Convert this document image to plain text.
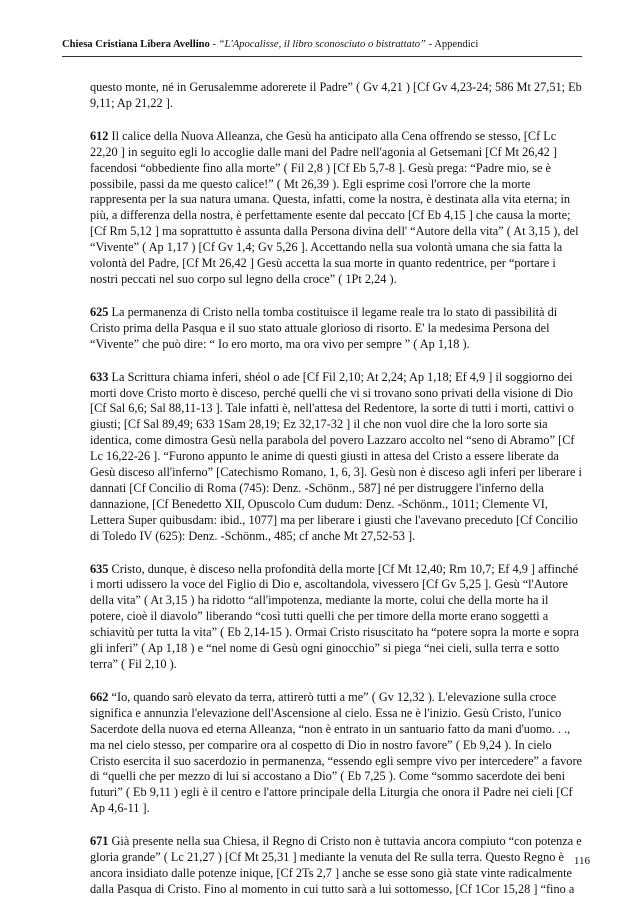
Chiesa Cristiana Libera Avellino - “L'Apocalisse, il libro sconosciuto o bistrattato” - Appendici
questo monte, né in Gerusalemme adorerete il Padre” ( Gv 4,21 ) [Cf Gv 4,23-24; 586 Mt 27,51; Eb
9,11; Ap 21,22 ].
612 Il calice della Nuova Alleanza, che Gesù ha anticipato alla Cena offrendo se stesso, [Cf Lc
22,20 ] in seguito egli lo accoglie dalle mani del Padre nell'agonia al Getsemani [Cf Mt 26,42 ]
facendosi “obbediente fino alla morte” ( Fil 2,8 ) [Cf Eb 5,7-8 ]. Gesù prega: “Padre mio, se è
possibile, passi da me questo calice!” ( Mt 26,39 ). Egli esprime così l'orrore che la morte
rappresenta per la sua natura umana. Questa, infatti, come la nostra, è destinata alla vita eterna; in
più, a differenza della nostra, è perfettamente esente dal peccato [Cf Eb 4,15 ] che causa la morte;
[Cf Rm 5,12 ] ma soprattutto è assunta dalla Persona divina dell' “Autore della vita” ( At 3,15 ), del
“Vivente” ( Ap 1,17 ) [Cf Gv 1,4; Gv 5,26 ]. Accettando nella sua volontà umana che sia fatta la
volontà del Padre, [Cf Mt 26,42 ] Gesù accetta la sua morte in quanto redentrice, per “portare i
nostri peccati nel suo corpo sul legno della croce” ( 1Pt 2,24 ).
625 La permanenza di Cristo nella tomba costituisce il legame reale tra lo stato di passibilità di
Cristo prima della Pasqua e il suo stato attuale glorioso di risorto. E' la medesima Persona del
“Vivente” che può dire: “ Io ero morto, ma ora vivo per sempre ” ( Ap 1,18 ).
633 La Scrittura chiama inferi, shéol o ade [Cf Fil 2,10; At 2,24; Ap 1,18; Ef 4,9 ] il soggiorno dei
morti dove Cristo morto è disceso, perché quelli che vi si trovano sono privati della visione di Dio
[Cf Sal 6,6; Sal 88,11-13 ]. Tale infatti è, nell'attesa del Redentore, la sorte di tutti i morti, cattivi o
giusti; [Cf Sal 89,49; 633 1Sam 28,19; Ez 32,17-32 ] il che non vuol dire che la loro sorte sia
identica, come dimostra Gesù nella parabola del povero Lazzaro accolto nel “seno di Abramo” [Cf
Lc 16,22-26 ]. “Furono appunto le anime di questi giusti in attesa del Cristo a essere liberate da
Gesù disceso all'inferno” [Catechismo Romano, 1, 6, 3]. Gesù non è disceso agli inferi per liberare i
dannati [Cf Concilio di Roma (745): Denz. -Schönm., 587] né per distruggere l'inferno della
dannazione, [Cf Benedetto XII, Opuscolo Cum dudum: Denz. -Schönm., 1011; Clemente VI,
Lettera Super quibusdam: ibid., 1077] ma per liberare i giusti che l'avevano preceduto [Cf Concilio
di Toledo IV (625): Denz. -Schönm., 485; cf anche Mt 27,52-53 ].
635 Cristo, dunque, è disceso nella profondità della morte [Cf Mt 12,40; Rm 10,7; Ef 4,9 ] affinché
i morti udissero la voce del Figlio di Dio e, ascoltandola, vivessero [Cf Gv 5,25 ]. Gesù “l'Autore
della vita” ( At 3,15 ) ha ridotto “all'impotenza, mediante la morte, colui che della morte ha il
potere, cioè il diavolo” liberando “così tutti quelli che per timore della morte erano soggetti a
schiavitù per tutta la vita” ( Eb 2,14-15 ). Ormai Cristo risuscitato ha “potere sopra la morte e sopra
gli inferi” ( Ap 1,18 ) e “nel nome di Gesù ogni ginocchio” si piega “nei cieli, sulla terra e sotto
terra” ( Fil 2,10 ).
662 “Io, quando sarò elevato da terra, attirerò tutti a me” ( Gv 12,32 ). L'elevazione sulla croce
significa e annunzia l'elevazione dell'Ascensione al cielo. Essa ne è l'inizio. Gesù Cristo, l'unico
Sacerdote della nuova ed eterna Alleanza, “non è entrato in un santuario fatto da mani d'uomo. . .,
ma nel cielo stesso, per comparire ora al cospetto di Dio in nostro favore” ( Eb 9,24 ). In cielo
Cristo esercita il suo sacerdozio in permanenza, “essendo egli sempre vivo per intercedere” a favore
di “quelli che per mezzo di lui si accostano a Dio” ( Eb 7,25 ). Come “sommo sacerdote dei beni
futuri” ( Eb 9,11 ) egli è il centro e l'attore principale della Liturgia che onora il Padre nei cieli [Cf
Ap 4,6-11 ].
671 Già presente nella sua Chiesa, il Regno di Cristo non è tuttavia ancora compiuto “con potenza e
gloria grande” ( Lc 21,27 ) [Cf Mt 25,31 ] mediante la venuta del Re sulla terra. Questo Regno è
ancora insidiato dalle potenze inique, [Cf 2Ts 2,7 ] anche se esse sono già state vinte radicalmente
dalla Pasqua di Cristo. Fino al momento in cui tutto sarà a lui sottomesso, [Cf 1Cor 15,28 ] “fino a
116
